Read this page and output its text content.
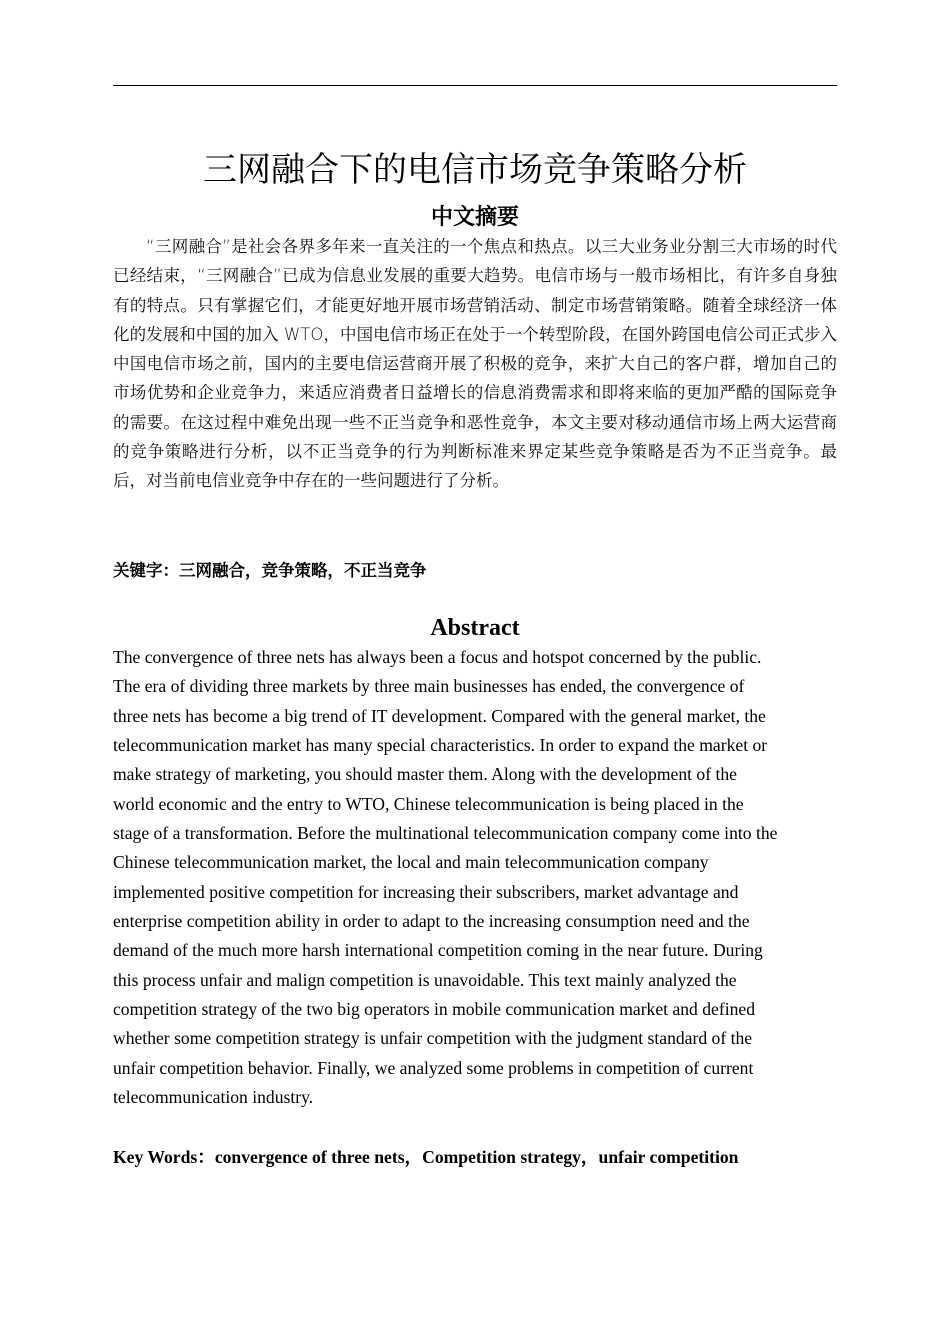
三网融合下的电信市场竞争策略分析
中文摘要

“三网融合”是社会各界多年来一直关注的一个焦点和热点。以三大业务业分割三大市场的时代已经结束，“三网融合”已成为信息业发展的重要大趋势。电信市场与一般市场相比，有许多自身独有的特点。只有掌握它们，才能更好地开展市场营销活动、制定市场营销策略。随着全球经济一体化的发展和中国的加入 WTO，中国电信市场正在处于一个转型阶段，在国外跨国电信公司正式步入中国电信市场之前，国内的主要电信运营商开展了积极的竞争，来扩大自己的客户群，增加自己的市场优势和企业竞争力，来适应消费者日益增长的信息消费需求和即将来临的更加严酷的国际竞争的需要。在这过程中难免出现一些不正当竞争和恶性竞争，本文主要对移动通信市场上两大运营商的竞争策略进行分析，以不正当竞争的行为判断标准来界定某些竞争策略是否为不正当竞争。最后，对当前电信业竞争中存在的一些问题进行了分析。

关键字：三网融合，竞争策略，不正当竞争
Abstract
The convergence of three nets has always been a focus and hotspot concerned by the public.
The era of dividing three markets by three main businesses has ended, the convergence of
three nets has become a big trend of IT development. Compared with the general market, the
telecommunication market has many special characteristics. In order to expand the market or
make strategy of marketing, you should master them. Along with the development of the
world economic and the entry to WTO, Chinese telecommunication is being placed in the
stage of a transformation. Before the multinational telecommunication company come into the
Chinese telecommunication market, the local and main telecommunication company
implemented positive competition for increasing their subscribers, market advantage and
enterprise competition ability in order to adapt to the increasing consumption need and the
demand of the much more harsh international competition coming in the near future. During
this process unfair and malign competition is unavoidable. This text mainly analyzed the
competition strategy of the two big operators in mobile communication market and defined
whether some competition strategy is unfair competition with the judgment standard of the
unfair competition behavior. Finally, we analyzed some problems in competition of current
telecommunication industry.
Key Words：convergence of three nets，Competition strategy，unfair competition
